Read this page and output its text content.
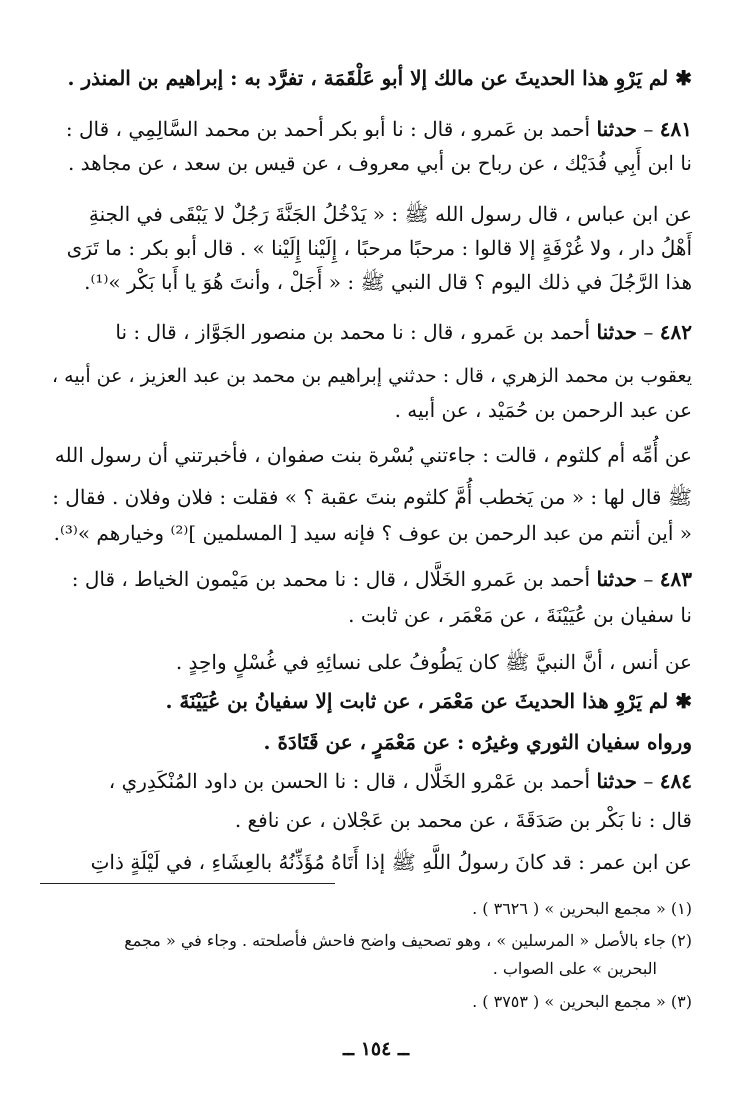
✱ لم يَرْوِ هذا الحديثَ عن مالك إلا أبو عَلْقَمَة ، تفرَّد به : إبراهيم بن المنذر .
٤٨١ – حدثنا أحمد بن عَمرو ، قال : نا أبو بكر أحمد بن محمد السَّالِمِي ، قال :
نا ابن أَبِي فُدَيْك ، عن رباح بن أبي معروف ، عن قيس بن سعد ، عن مجاهد .
عن ابن عباس ، قال رسول الله ﷺ : « يَدْخُلُ الجَنَّةَ رَجُلٌ لا يَبْقَى في الجنةِ
أَهْلُ دار ، ولا غُرْفَةٍ إلا قالوا : مرحبًا مرحبًا ، إِلَيْنا إِلَيْنا » . قال أبو بكر : ما تَرَى
هذا الرَّجُلَ في ذلك اليوم ؟ قال النبي ﷺ : « أَجَلْ ، وأنتَ هُوَ يا أَبا بَكْر »⁽¹⁾.
٤٨٢ – حدثنا أحمد بن عَمرو ، قال : نا محمد بن منصور الجَوَّاز ، قال : نا
يعقوب بن محمد الزهري ، قال : حدثني إبراهيم بن محمد بن عبد العزيز ، عن أبيه ،
عن عبد الرحمن بن حُمَيْد ، عن أبيه .
عن أُمِّه أم كلثوم ، قالت : جاءتني بُسْرة بنت صفوان ، فأخبرتني أن رسول الله
ﷺ قال لها : « من يَخطب أُمَّ كلثوم بنتَ عقبة ؟ » فقلت : فلان وفلان . فقال :
« أين أنتم من عبد الرحمن بن عوف ؟ فإنه سيد [ المسلمين ]⁽²⁾ وخيارهم »⁽³⁾.
٤٨٣ – حدثنا أحمد بن عَمرو الخَلَّال ، قال : نا محمد بن مَيْمون الخياط ، قال :
نا سفيان بن عُيَيْنَةَ ، عن مَعْمَر ، عن ثابت .
عن أنس ، أنَّ النبيَّ ﷺ كان يَطُوفُ على نسائِهِ في غُسْلٍ واحِدٍ .
✱ لم يَرْوِ هذا الحديثَ عن مَعْمَر ، عن ثابت إلا سفيانُ بن عُيَيْنَةَ .
ورواه سفيان الثوري وغيرُه : عن مَعْمَرٍ ، عن قَتَادَةَ .
٤٨٤ – حدثنا أحمد بن عَمْرو الخَلَّال ، قال : نا الحسن بن داود المُنْكَدِري ،
قال : نا بَكْر بن صَدَقَةَ ، عن محمد بن عَجْلان ، عن نافع .
عن ابن عمر : قد كانَ رسولُ اللَّهِ ﷺ إذا أَتَاهُ مُؤَذِّنُهُ بالعِشَاءِ ، في لَيْلَةٍ ذاتِ
(١) « مجمع البحرين » ( ٣٦٢٦ ) .
(٢) جاء بالأصل « المرسلين » ، وهو تصحيف واضح فاحش فأصلحته . وجاء في « مجمع
البحرين » على الصواب .
(٣) « مجمع البحرين » ( ٣٧٥٣ ) .
ــ ١٥٤ ــ
